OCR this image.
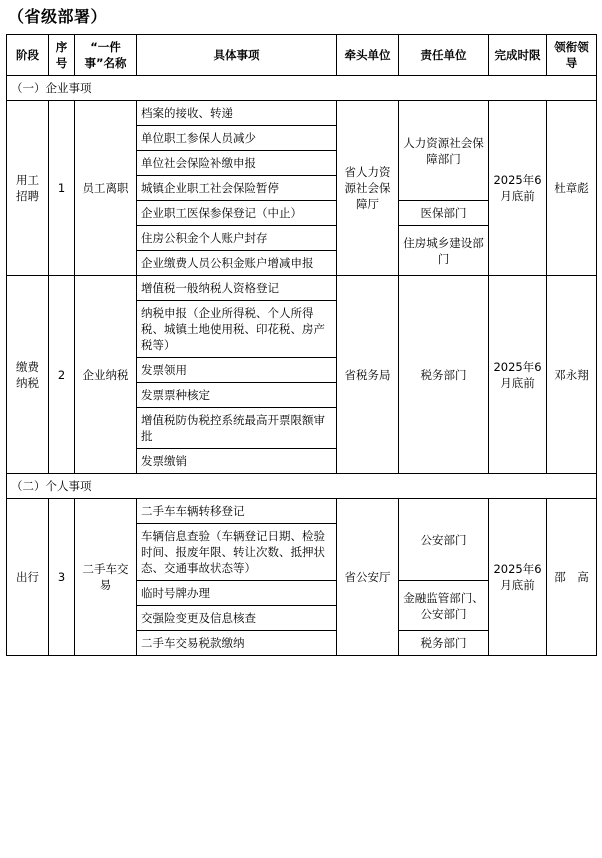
（省级部署）
阶段	序号	“一件事”名称	具体事项	牵头单位	责任单位	完成时限	领衔领导
（一）企业事项							
用工招聘	1	员工离职	档案的接收、转递	省人力资源社会保障厅	人力资源社会保障部门	2025年6月底前	杜章彪
			单位职工参保人员减少				
			单位社会保险补缴申报				
			城镇企业职工社会保险暂停				
			企业职工医保参保登记（中止）		医保部门		
			住房公积金个人账户封存		住房城乡建设部门		
			企业缴费人员公积金账户增减申报				
缴费纳税	2	企业纳税	增值税一般纳税人资格登记	省税务局	税务部门	2025年6月底前	邓永翔
			纳税申报（企业所得税、个人所得税、城镇土地使用税、印花税、房产税等）				
			发票领用				
			发票票种核定				
			增值税防伪税控系统最高开票限额审批				
			发票缴销				
（二）个人事项							
出行	3	二手车交易	二手车车辆转移登记	省公安厅	公安部门	2025年6月底前	邵　高
			车辆信息查验（车辆登记日期、检验时间、报废年限、转让次数、抵押状态、交通事故状态等）				
			临时号牌办理		金融监管部门、公安部门		
			交强险变更及信息核查				
			二手车交易税款缴纳		税务部门		
